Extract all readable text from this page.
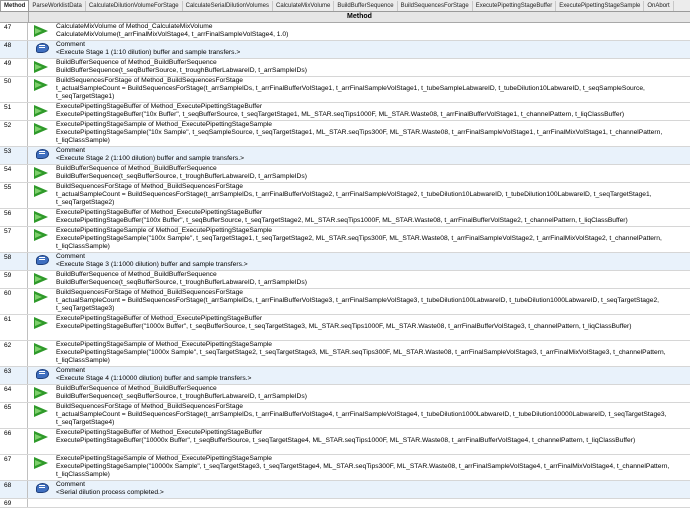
Method	ParseWorklistData	CalculateDilutionVolumeForStage	CalculateSerialDilutionVolumes	CalculateMixVolume	BuildBufferSequence	BuildSequencesForStage	ExecutePipettingStageBuffer	ExecutePipettingStageSample	OnAbort
Method
47	CalculateMixVolume of Method_CalculateMixVolume
CalculateMixVolume(t_arrFinalMixVolStage4, t_arrFinalSampleVolStage4, 1.0)
48	Comment
<Execute Stage 1 (1:10 dilution) buffer and sample transfers.>
49	BuildBufferSequence of Method_BuildBufferSequence
BuildBufferSequence(t_seqBufferSource, t_troughBufferLabwareID, t_arrSampleIDs)
50	BuildSequencesForStage of Method_BuildSequencesForStage
t_actualSampleCount = BuildSequencesForStage(t_arrSampleIDs, t_arrFinalBufferVolStage1, t_arrFinalSampleVolStage1, t_tubeSampleLabwareID, t_tubeDilution10LabwareID, t_seqSampleSource,
t_seqTargetStage1)
51	ExecutePipettingStageBuffer of Method_ExecutePipettingStageBuffer
ExecutePipettingStageBuffer("10x Buffer", t_seqBufferSource, t_seqTargetStage1, ML_STAR.seqTips1000F, ML_STAR.Waste08, t_arrFinalBufferVolStage1, t_channelPattern, t_liqClassBuffer)
52	ExecutePipettingStageSample of Method_ExecutePipettingStageSample
ExecutePipettingStageSample("10x Sample", t_seqSampleSource, t_seqTargetStage1, ML_STAR.seqTips300F, ML_STAR.Waste08, t_arrFinalSampleVolStage1, t_arrFinalMixVolStage1, t_channelPattern,
t_liqClassSample)
53	Comment
<Execute Stage 2 (1:100 dilution) buffer and sample transfers.>
54	BuildBufferSequence of Method_BuildBufferSequence
BuildBufferSequence(t_seqBufferSource, t_troughBufferLabwareID, t_arrSampleIDs)
55	BuildSequencesForStage of Method_BuildSequencesForStage
t_actualSampleCount = BuildSequencesForStage(t_arrSampleIDs, t_arrFinalBufferVolStage2, t_arrFinalSampleVolStage2, t_tubeDilution10LabwareID, t_tubeDilution100LabwareID, t_seqTargetStage1,
t_seqTargetStage2)
56	ExecutePipettingStageBuffer of Method_ExecutePipettingStageBuffer
ExecutePipettingStageBuffer("100x Buffer", t_seqBufferSource, t_seqTargetStage2, ML_STAR.seqTips1000F, ML_STAR.Waste08, t_arrFinalBufferVolStage2, t_channelPattern, t_liqClassBuffer)
57	ExecutePipettingStageSample of Method_ExecutePipettingStageSample
ExecutePipettingStageSample("100x Sample", t_seqTargetStage1, t_seqTargetStage2, ML_STAR.seqTips300F, ML_STAR.Waste08, t_arrFinalSampleVolStage2, t_arrFinalMixVolStage2, t_channelPattern,
t_liqClassSample)
58	Comment
<Execute Stage 3 (1:1000 dilution) buffer and sample transfers.>
59	BuildBufferSequence of Method_BuildBufferSequence
BuildBufferSequence(t_seqBufferSource, t_troughBufferLabwareID, t_arrSampleIDs)
60	BuildSequencesForStage of Method_BuildSequencesForStage
t_actualSampleCount = BuildSequencesForStage(t_arrSampleIDs, t_arrFinalBufferVolStage3, t_arrFinalSampleVolStage3, t_tubeDilution100LabwareID, t_tubeDilution1000LabwareID, t_seqTargetStage2,
t_seqTargetStage3)
61	ExecutePipettingStageBuffer of Method_ExecutePipettingStageBuffer
ExecutePipettingStageBuffer("1000x Buffer", t_seqBufferSource, t_seqTargetStage3, ML_STAR.seqTips1000F, ML_STAR.Waste08, t_arrFinalBufferVolStage3, t_channelPattern, t_liqClassBuffer)
62	ExecutePipettingStageSample of Method_ExecutePipettingStageSample
ExecutePipettingStageSample("1000x Sample", t_seqTargetStage2, t_seqTargetStage3, ML_STAR.seqTips300F, ML_STAR.Waste08, t_arrFinalSampleVolStage3, t_arrFinalMixVolStage3, t_channelPattern,
t_liqClassSample)
63	Comment
<Execute Stage 4 (1:10000 dilution) buffer and sample transfers.>
64	BuildBufferSequence of Method_BuildBufferSequence
BuildBufferSequence(t_seqBufferSource, t_troughBufferLabwareID, t_arrSampleIDs)
65	BuildSequencesForStage of Method_BuildSequencesForStage
t_actualSampleCount = BuildSequencesForStage(t_arrSampleIDs, t_arrFinalBufferVolStage4, t_arrFinalSampleVolStage4, t_tubeDilution1000LabwareID, t_tubeDilution10000LabwareID, t_seqTargetStage3,
t_seqTargetStage4)
66	ExecutePipettingStageBuffer of Method_ExecutePipettingStageBuffer
ExecutePipettingStageBuffer("10000x Buffer", t_seqBufferSource, t_seqTargetStage4, ML_STAR.seqTips1000F, ML_STAR.Waste08, t_arrFinalBufferVolStage4, t_channelPattern, t_liqClassBuffer)
67	ExecutePipettingStageSample of Method_ExecutePipettingStageSample
ExecutePipettingStageSample("10000x Sample", t_seqTargetStage3, t_seqTargetStage4, ML_STAR.seqTips300F, ML_STAR.Waste08, t_arrFinalSampleVolStage4, t_arrFinalMixVolStage4, t_channelPattern,
t_liqClassSample)
68	Comment
<Serial dilution process completed.>
69
